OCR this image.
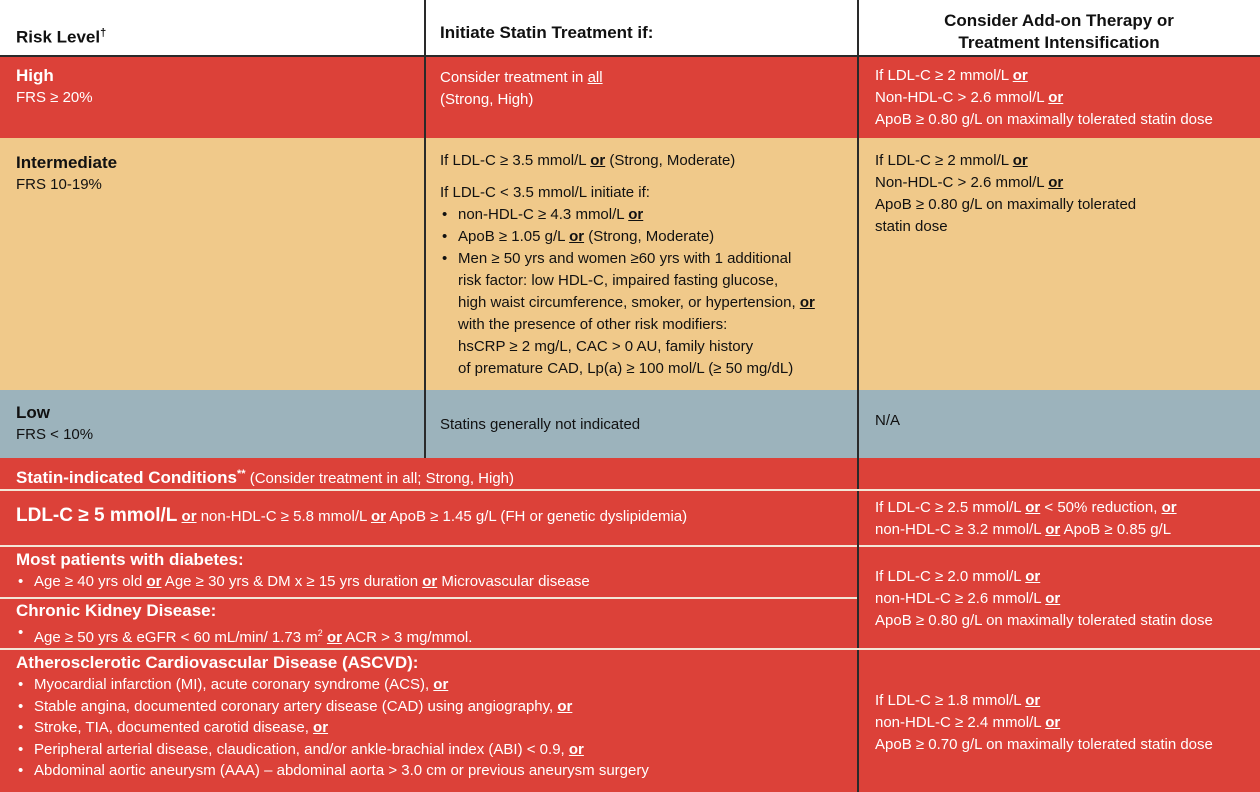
Risk Level†	Initiate Statin Treatment if:
Consider Add-on Therapy or
Treatment Intensification
High

FRS ≥ 20%

Consider treatment in all

(Strong, High)

If LDL-C ≥ 2 mmol/L or

Non-HDL-C > 2.6 mmol/L or

ApoB ≥ 0.80 g/L on maximally tolerated statin dose

Intermediate

FRS 10-19%

If LDL-C ≥ 3.5 mmol/L or (Strong, Moderate)

If LDL-C < 3.5 mmol/L initiate if:

• non-HDL-C ≥ 4.3 mmol/L or
• ApoB ≥ 1.05 g/L or (Strong, Moderate)
• Men ≥ 50 yrs and women ≥60 yrs with 1 additional
risk factor: low HDL-C, impaired fasting glucose,
high waist circumference, smoker, or hypertension, or
with the presence of other risk modifiers:
hsCRP ≥ 2 mg/L, CAC > 0 AU, family history
of premature CAD, Lp(a) ≥ 100 mol/L (≥ 50 mg/dL)

If LDL-C ≥ 2 mmol/L or

Non-HDL-C > 2.6 mmol/L or

ApoB ≥ 0.80 g/L on maximally tolerated

statin dose

Low

FRS < 10%

Statins generally not indicated	N/A
Statin-indicated Conditions** (Consider treatment in all; Strong, High)
LDL-C ≥ 5 mmol/L or non-HDL-C ≥ 5.8 mmol/L or ApoB ≥ 1.45 g/L (FH or genetic dyslipidemia)

If LDL-C ≥ 2.5 mmol/L or < 50% reduction, or

non-HDL-C ≥ 3.2 mmol/L or ApoB ≥ 0.85 g/L

Most patients with diabetes:
• Age ≥ 40 yrs old or Age ≥ 30 yrs & DM x ≥ 15 yrs duration or Microvascular disease
Chronic Kidney Disease:
• Age ≥ 50 yrs & eGFR < 60 mL/min/ 1.73 $m^2$ or ACR > 3 mg/mmol.

If LDL-C ≥ 2.0 mmol/L or

non-HDL-C ≥ 2.6 mmol/L or

ApoB ≥ 0.80 g/L on maximally tolerated statin dose

Atherosclerotic Cardiovascular Disease (ASCVD):
• Myocardial infarction (MI), acute coronary syndrome (ACS), or
• Stable angina, documented coronary artery disease (CAD) using angiography, or
• Stroke, TIA, documented carotid disease, or
• Peripheral arterial disease, claudication, and/or ankle-brachial index (ABI) < 0.9, or
• Abdominal aortic aneurysm (AAA) – abdominal aorta > 3.0 cm or previous aneurysm surgery

If LDL-C ≥ 1.8 mmol/L or

non-HDL-C ≥ 2.4 mmol/L or

ApoB ≥ 0.70 g/L on maximally tolerated statin dose
